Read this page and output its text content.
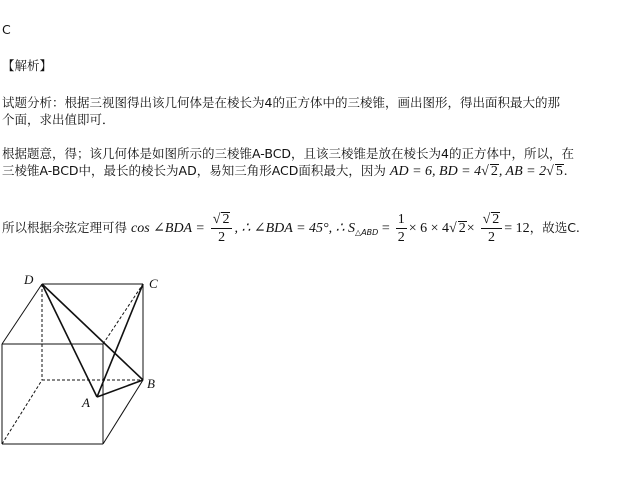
C
【解析】
试题分析：根据三视图得出该几何体是在棱长为4的正方体中的三棱锥，画出图形，得出面积最大的那
个面，求出值即可．
根据题意，得；该几何体是如图所示的三棱锥A-BCD，且该三棱锥是放在棱长为4的正方体中，所以，在
三棱锥A-BCD中，最长的棱长为AD，易知三角形ACD面积最大，因为 AD = 6, BD = 4√ 2, AB = 2√ 5.
所以根据余弦定理可得 cos ∠BDA = $\frac{√ 2}{2}$ , ∴ ∠BDA = 45°, ∴ $S_{\triangle ABD} = \frac{1}{2} \times 6 \times 4√$ $2\times \frac{√ 2}{2} = 12$，故选C.
D	C
B
A
